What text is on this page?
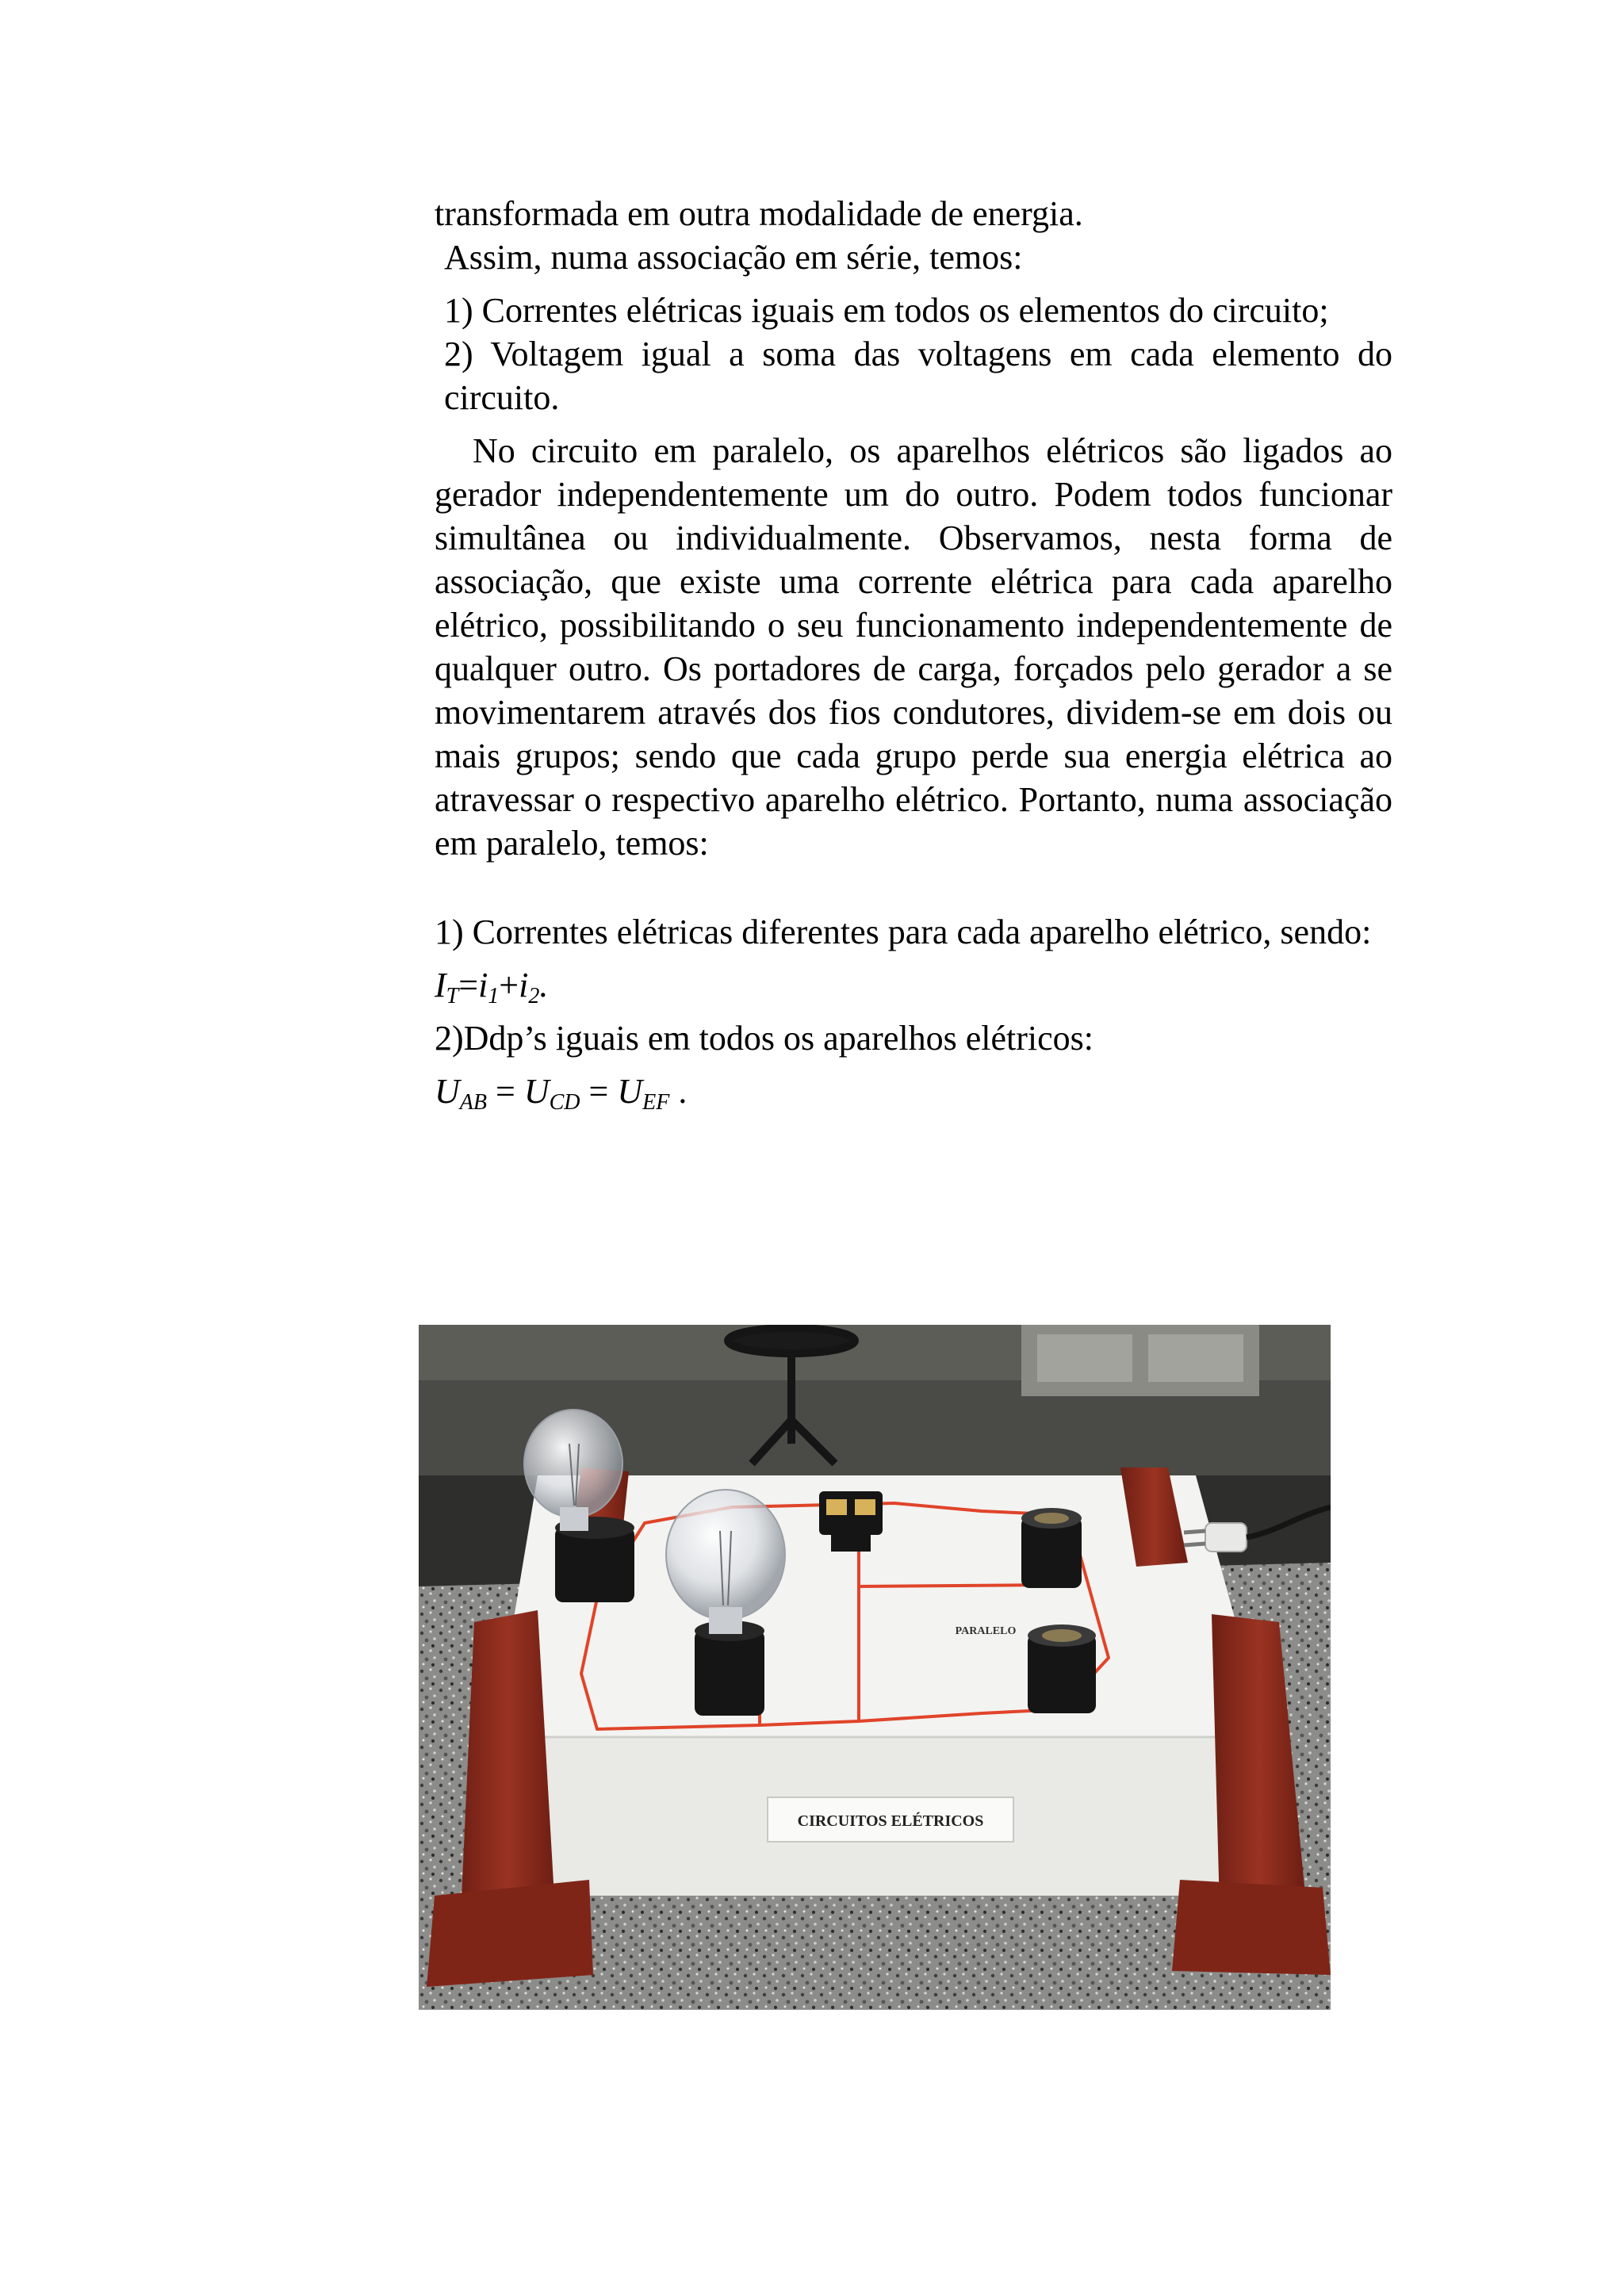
transformada em outra modalidade de energia.

Assim, numa associação em série, temos:

1) Correntes elétricas iguais em todos os elementos do circuito;

2) Voltagem igual a soma das voltagens em cada elemento do circuito.

No circuito em paralelo, os aparelhos elétricos são ligados ao gerador independentemente um do outro. Podem todos funcionar simultânea ou individualmente. Observamos, nesta forma de associação, que existe uma corrente elétrica para cada aparelho elétrico, possibilitando o seu funcionamento independentemente de qualquer outro. Os portadores de carga, forçados pelo gerador a se movimentarem através dos fios condutores, dividem-se em dois ou mais grupos; sendo que cada grupo perde sua energia elétrica ao atravessar o respectivo aparelho elétrico. Portanto, numa associação em paralelo, temos:

1) Correntes elétricas diferentes para cada aparelho elétrico, sendo:

$I_T=i_1+i_2$.

2)Ddp’s iguais em todos os aparelhos elétricos:

$U_{AB} = U_{CD} = U_{EF}$ .

CIRCUITOS ELÉTRICOS
PARALELO
